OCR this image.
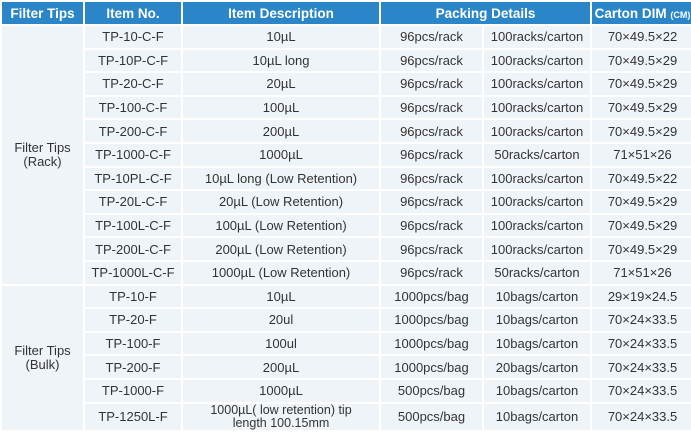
Filter Tips	Item No.	Item Description	Packing Details		Carton DIM (CM)
Filter Tips
(Rack)	TP-10-C-F	10µL	96pcs/rack	100racks/carton	70×49.5×22
	TP-10P-C-F	10µL long	96pcs/rack	100racks/carton	70×49.5×29
	TP-20-C-F	20µL	96pcs/rack	100racks/carton	70×49.5×29
	TP-100-C-F	100µL	96pcs/rack	100racks/carton	70×49.5×29
	TP-200-C-F	200µL	96pcs/rack	100racks/carton	70×49.5×29
	TP-1000-C-F	1000µL	96pcs/rack	50racks/carton	71×51×26
	TP-10PL-C-F	10µL long (Low Retention)	96pcs/rack	100racks/carton	70×49.5×22
	TP-20L-C-F	20µL (Low Retention)	96pcs/rack	100racks/carton	70×49.5×29
	TP-100L-C-F	100µL (Low Retention)	96pcs/rack	100racks/carton	70×49.5×29
	TP-200L-C-F	200µL (Low Retention)	96pcs/rack	100racks/carton	70×49.5×29
	TP-1000L-C-F	1000µL (Low Retention)	96pcs/rack	50racks/carton	71×51×26
Filter Tips
(Bulk)	TP-10-F	10µL	1000pcs/bag	10bags/carton	29×19×24.5
	TP-20-F	20ul	1000pcs/bag	10bags/carton	70×24×33.5
	TP-100-F	100ul	1000pcs/bag	10bags/carton	70×24×33.5
	TP-200-F	200µL	1000pcs/bag	20bags/carton	70×24×33.5
	TP-1000-F	1000µL	500pcs/bag	10bags/carton	70×24×33.5
	TP-1250L-F	1000µL( low retention) tip
length 100.15mm	500pcs/bag	10bags/carton	70×24×33.5
